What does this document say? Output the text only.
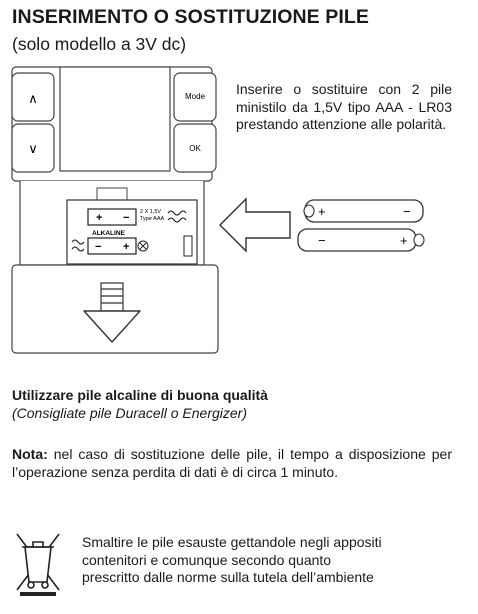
INSERIMENTO O SOSTITUZIONE PILE
(solo modello a 3V dc)
∧
∨
Mode
OK
+ − 2 X 1,5V
Type AAA
ALKALINE
− +
+	−
−	+
Inserire o sostituire con 2 pile ministilo da 1,5V tipo AAA - LR03 prestando attenzione alle polarità.
Utilizzare pile alcaline di buona qualità
(Consigliate pile Duracell o Energizer)
Nota: nel caso di sostituzione delle pile, il tempo a disposizione per l’operazione senza perdita di dati è di circa 1 minuto.
Smaltire le pile esauste gettandole negli appositi
contenitori e comunque secondo quanto
prescritto dalle norme sulla tutela dell’ambiente
